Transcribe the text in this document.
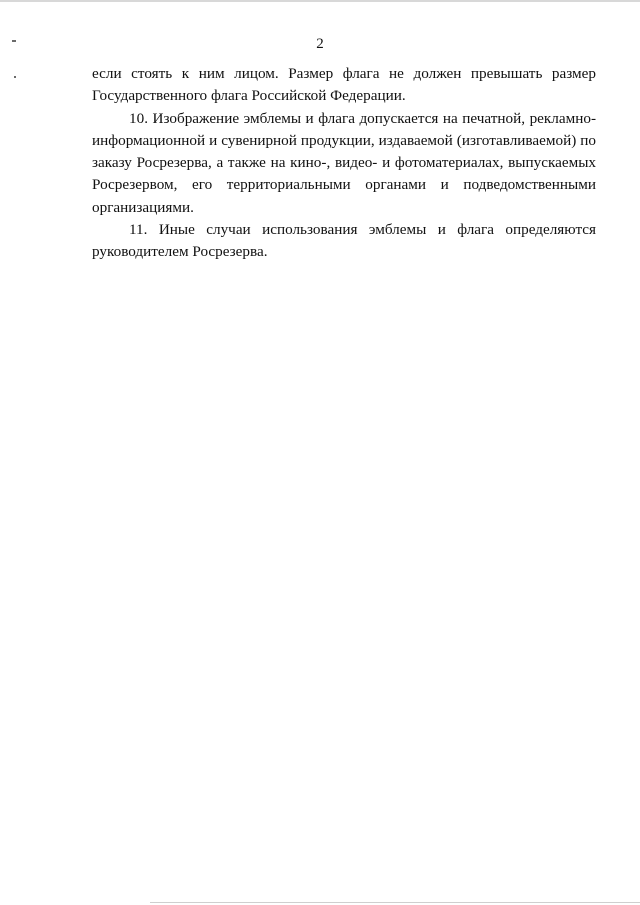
2

если стоять к ним лицом. Размер флага не должен превышать размер Государственного флага Российской Федерации.

10. Изображение эмблемы и флага допускается на печатной, рекламно-информационной и сувенирной продукции, издаваемой (изготавливаемой) по заказу Росрезерва, а также на кино-, видео- и фотоматериалах, выпускаемых Росрезервом, его территориальными органами и подведомственными организациями.

11. Иные случаи использования эмблемы и флага определяются руководителем Росрезерва.
